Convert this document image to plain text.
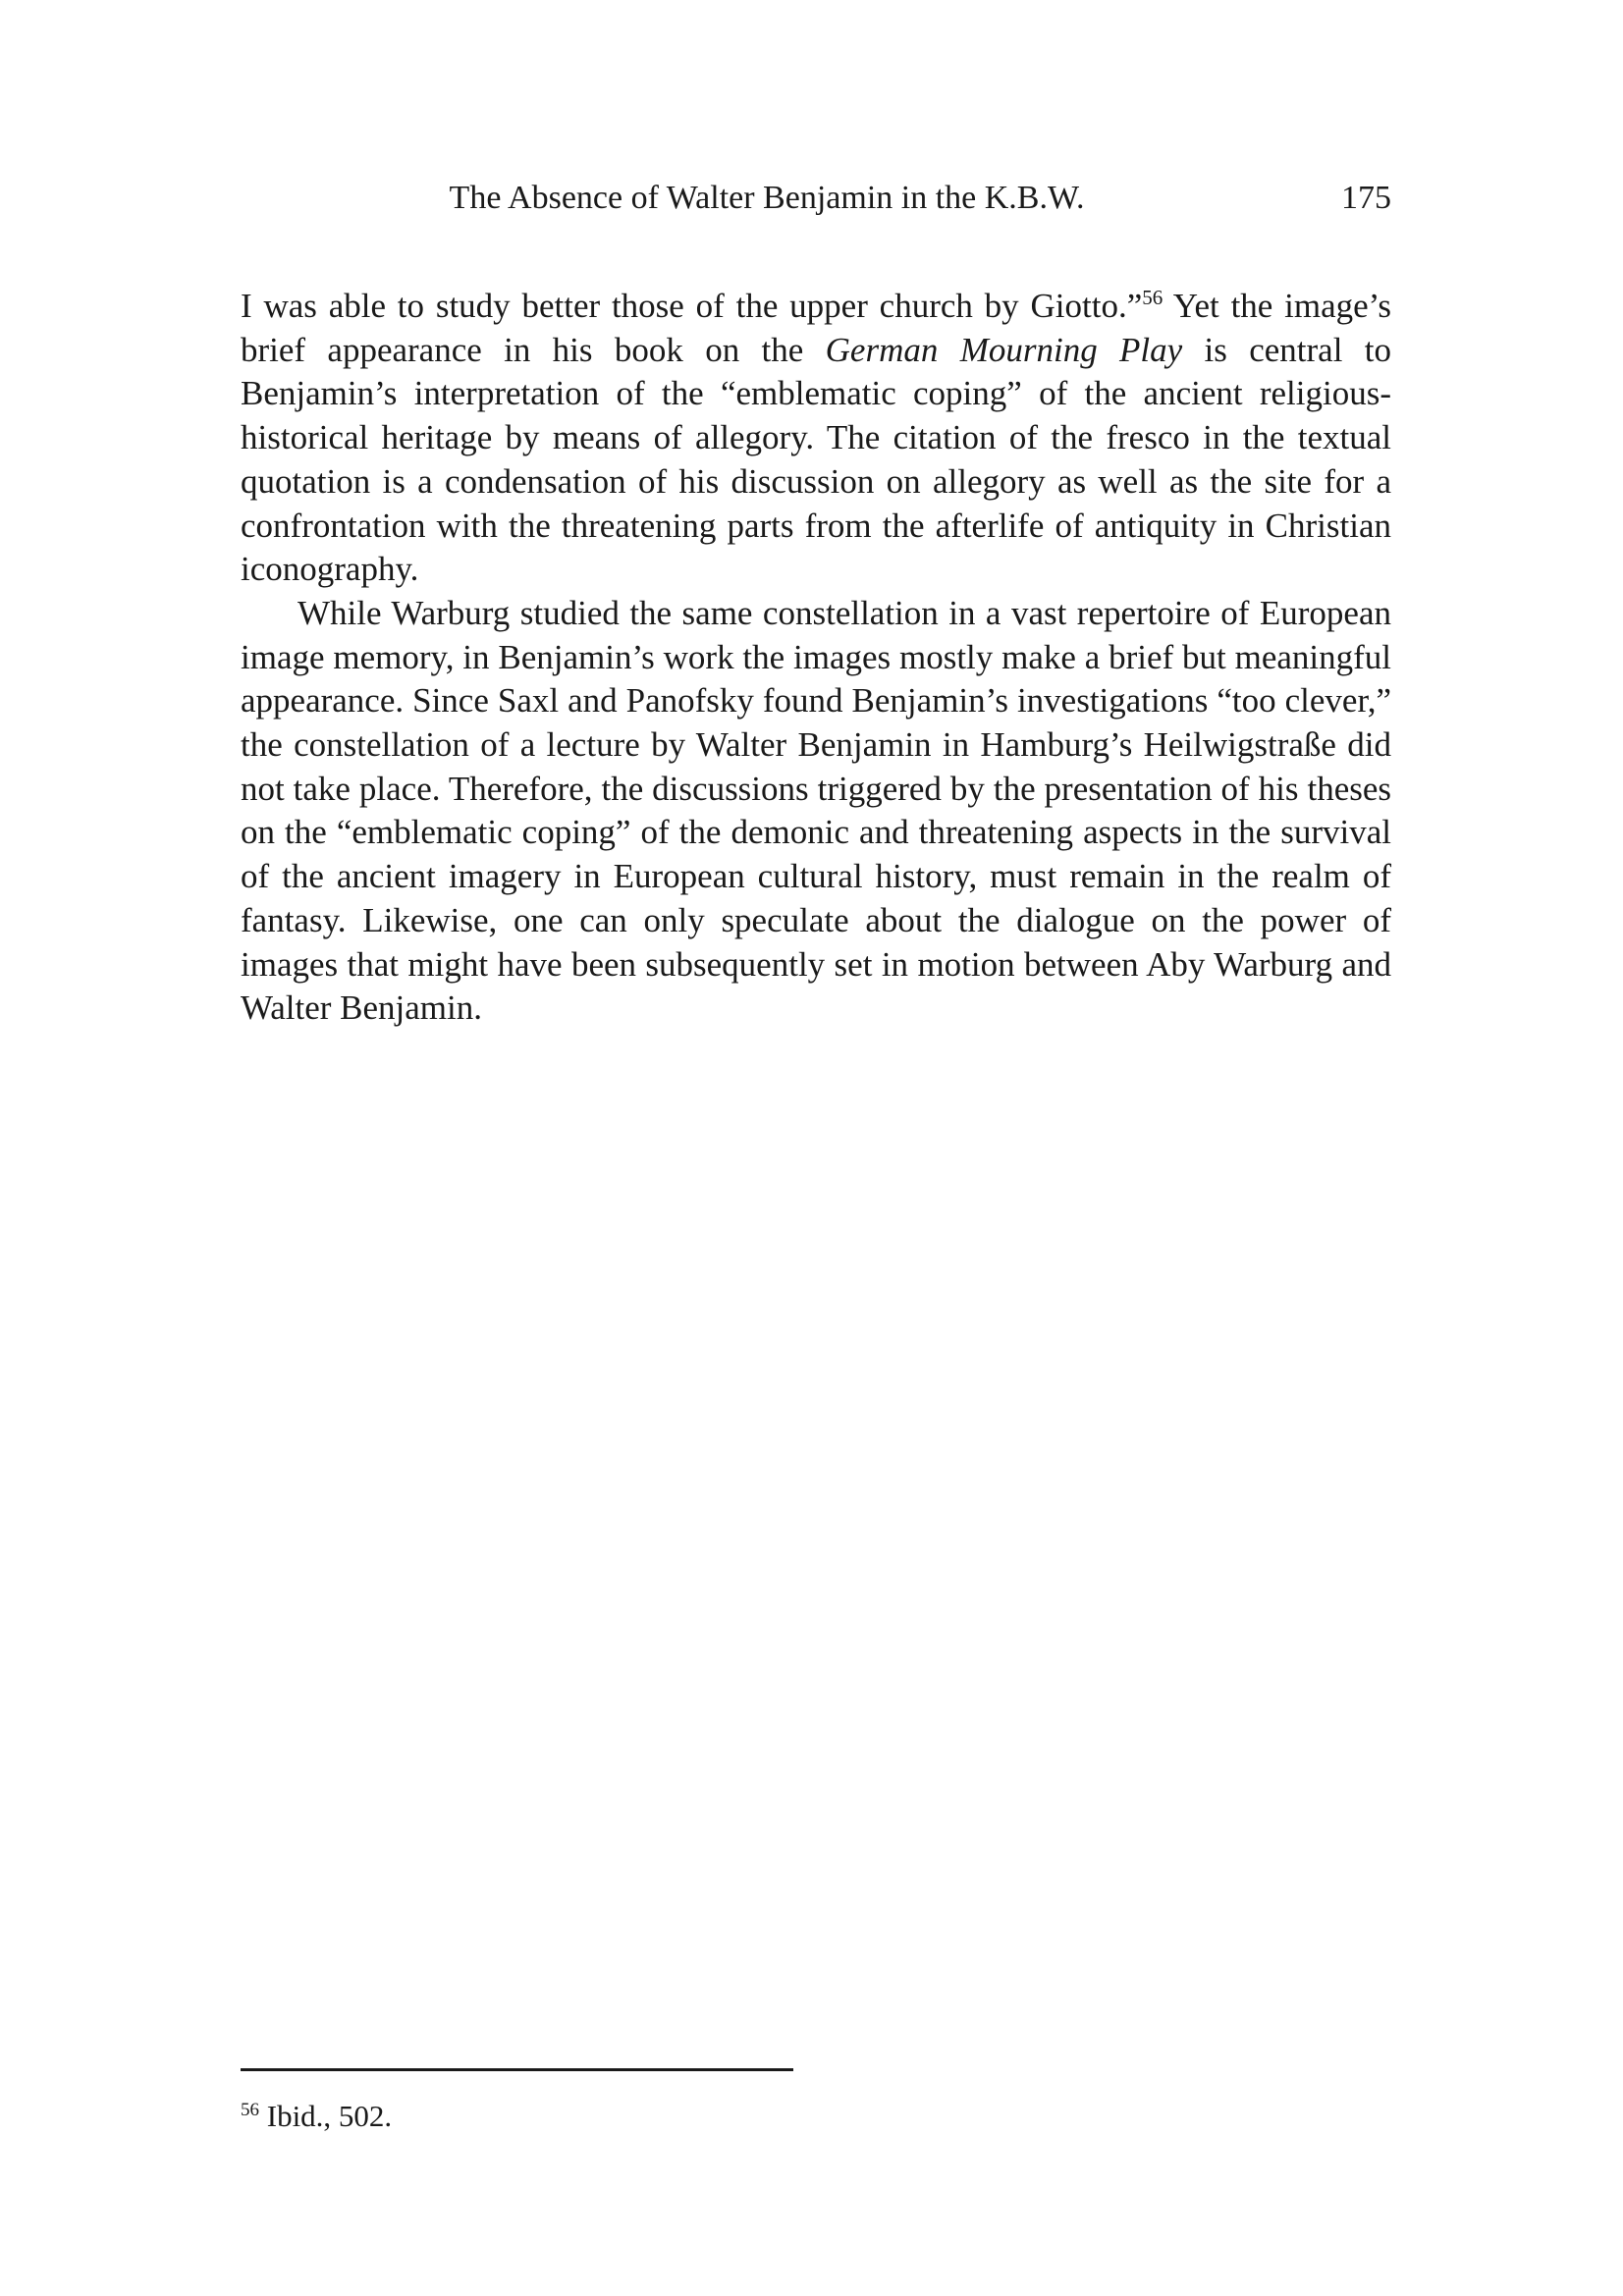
The Absence of Walter Benjamin in the K.B.W.	175

I was able to study better those of the upper church by Giotto.”$^{56}$ Yet the image’s brief appearance in his book on the German Mourning Play is central to Benjamin’s interpretation of the “emblematic coping” of the ancient religious-historical heritage by means of allegory. The citation of the fresco in the textual quotation is a condensation of his discussion on allegory as well as the site for a confrontation with the threatening parts from the afterlife of antiquity in Christian iconography.

While Warburg studied the same constellation in a vast repertoire of European image memory, in Benjamin’s work the images mostly make a brief but meaningful appearance. Since Saxl and Panofsky found Benjamin’s investigations “too clever,” the constellation of a lecture by Walter Benjamin in Hamburg’s Heilwigstraße did not take place. Therefore, the discussions triggered by the presentation of his theses on the “emblematic coping” of the demonic and threatening aspects in the survival of the ancient imagery in European cultural history, must remain in the realm of fantasy. Likewise, one can only speculate about the dialogue on the power of images that might have been subsequently set in motion between Aby Warburg and Walter Benjamin.

$^{56}$ Ibid., 502.
